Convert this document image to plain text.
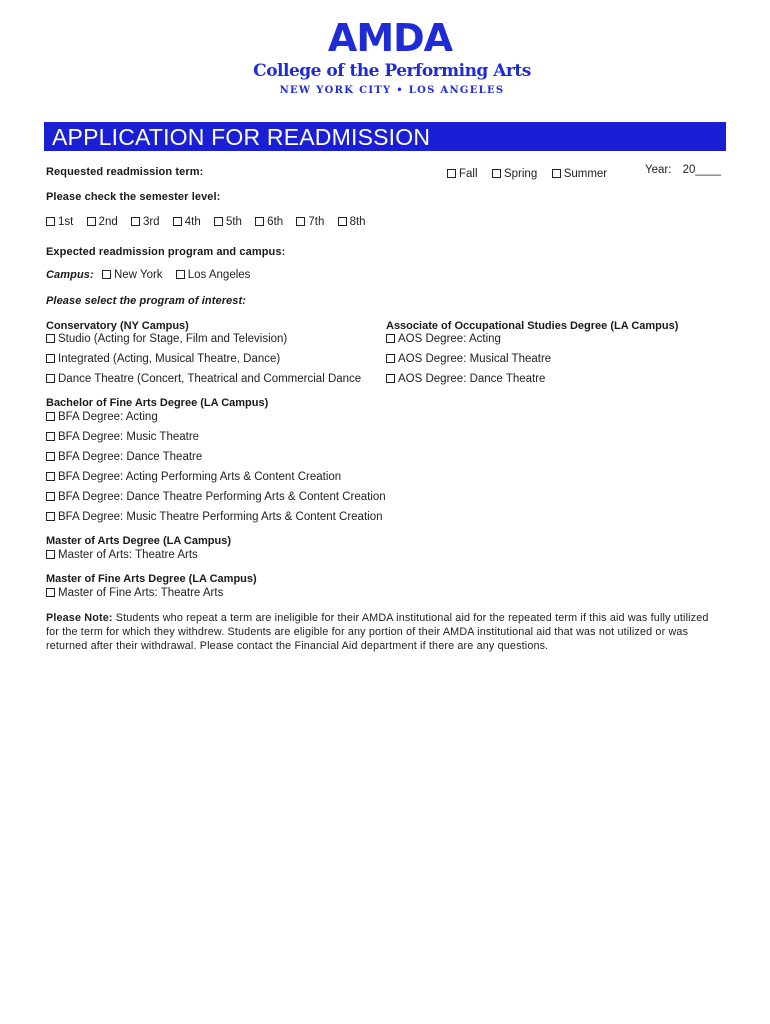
AMDA
College of the Performing Arts
NEW YORK CITY • LOS ANGELES
APPLICATION FOR READMISSION
Requested readmission term:	Fall Spring Summer	Year: 20____
Please check the semester level:
1st 2nd 3rd 4th 5th 6th 7th 8th
Expected readmission program and campus:
Campus: New York Los Angeles
Please select the program of interest:
Conservatory (NY Campus)
Studio (Acting for Stage, Film and Television)
Integrated (Acting, Musical Theatre, Dance)
Dance Theatre (Concert, Theatrical and Commercial Dance
Associate of Occupational Studies Degree (LA Campus)
AOS Degree: Acting
AOS Degree: Musical Theatre
AOS Degree: Dance Theatre
Bachelor of Fine Arts Degree (LA Campus)
BFA Degree: Acting
BFA Degree: Music Theatre
BFA Degree: Dance Theatre
BFA Degree: Acting Performing Arts & Content Creation
BFA Degree: Dance Theatre Performing Arts & Content Creation
BFA Degree: Music Theatre Performing Arts & Content Creation
Master of Arts Degree (LA Campus)
Master of Arts: Theatre Arts
Master of Fine Arts Degree (LA Campus)
Master of Fine Arts: Theatre Arts
Please Note: Students who repeat a term are ineligible for their AMDA institutional aid for the repeated term if this aid was fully utilized for the term for which they withdrew. Students are eligible for any portion of their AMDA institutional aid that was not utilized or was returned after their withdrawal. Please contact the Financial Aid department if there are any questions.
